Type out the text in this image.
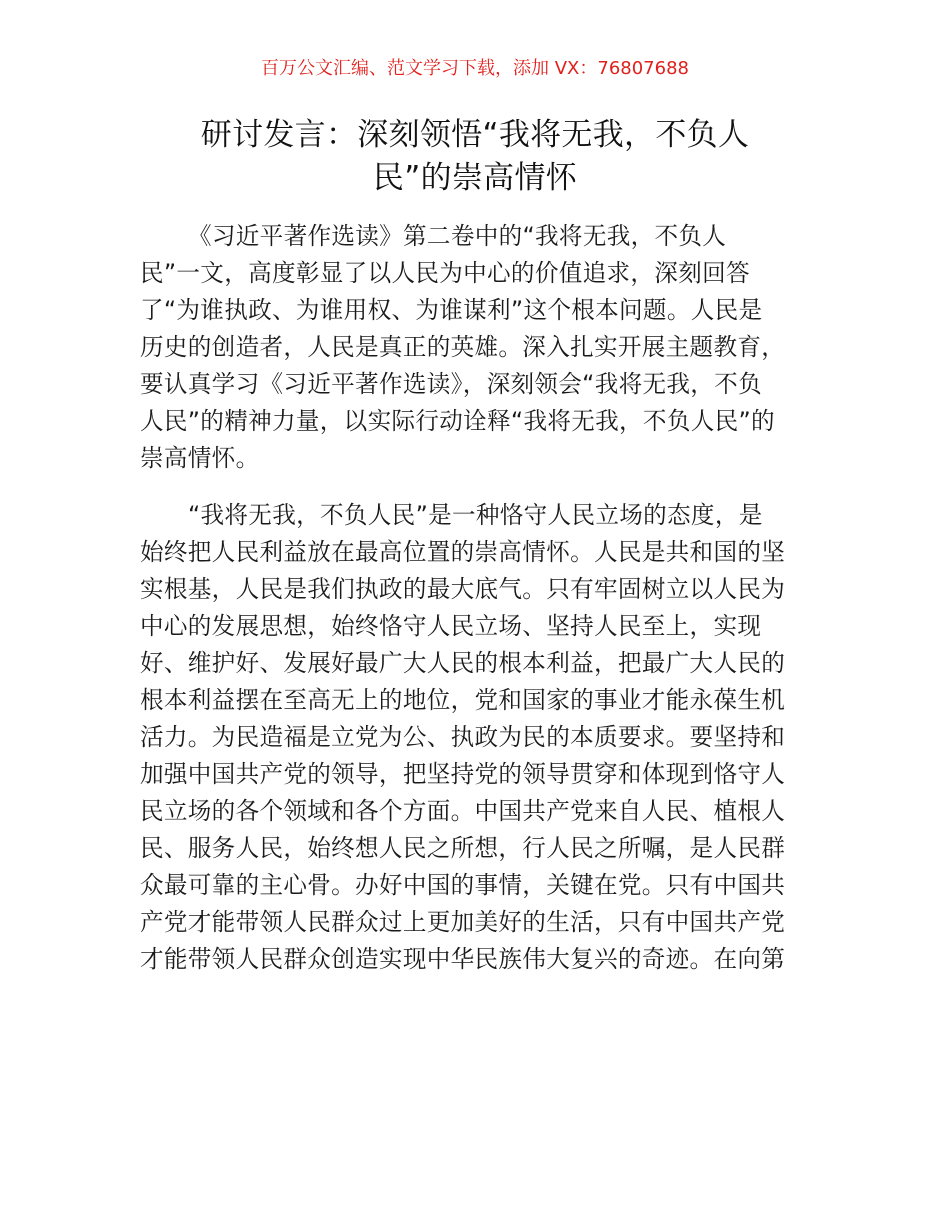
百万公文汇编、范文学习下载，添加 VX：76807688
研讨发言：深刻领悟“我将无我，不负人
民”的崇高情怀

《习近平著作选读》第二卷中的“我将无我，不负人
民”一文，高度彰显了以人民为中心的价值追求，深刻回答
了“为谁执政、为谁用权、为谁谋利”这个根本问题。人民是
历史的创造者，人民是真正的英雄。深入扎实开展主题教育，
要认真学习《习近平著作选读》，深刻领会“我将无我，不负
人民”的精神力量，以实际行动诠释“我将无我，不负人民”的
崇高情怀。

“我将无我，不负人民”是一种恪守人民立场的态度，是
始终把人民利益放在最高位置的崇高情怀。人民是共和国的坚
实根基，人民是我们执政的最大底气。只有牢固树立以人民为
中心的发展思想，始终恪守人民立场、坚持人民至上，实现
好、维护好、发展好最广大人民的根本利益，把最广大人民的
根本利益摆在至高无上的地位，党和国家的事业才能永葆生机
活力。为民造福是立党为公、执政为民的本质要求。要坚持和
加强中国共产党的领导，把坚持党的领导贯穿和体现到恪守人
民立场的各个领域和各个方面。中国共产党来自人民、植根人
民、服务人民，始终想人民之所想，行人民之所嘱，是人民群
众最可靠的主心骨。办好中国的事情，关键在党。只有中国共
产党才能带领人民群众过上更加美好的生活，只有中国共产党
才能带领人民群众创造实现中华民族伟大复兴的奇迹。在向第
